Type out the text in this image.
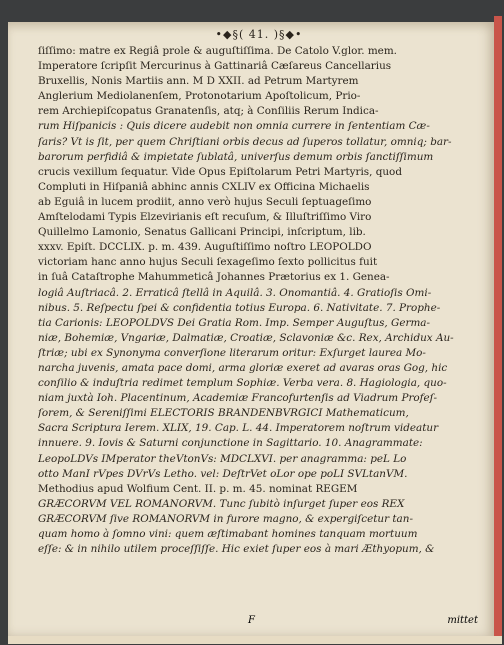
•◆§( 41. )§◆•
ſiſſimo: matre ex Regiâ prole & auguſtiſſima. De Catolo V.glor. mem.
Imperatore ſcripſit Mercurinus à Gattinariâ Cæſareus Cancellarius
Bruxellis, Nonis Martiis ann. M D XXII. ad Petrum Martyrem
Anglerium Mediolanenſem, Protonotarium Apoſtolicum, Prio-
rem Archiepiſcopatus Granatenſis, atq; à Conſiliis Rerum Indica-
rum Hiſpanicis : Quis dicere audebit non omnia currere in ſententiam Cæ-
ſaris? Vt is ſit, per quem Chriſtiani orbis decus ad ſuperos tollatur, omniq; bar-
barorum perfidiâ & impietate ſublatâ, univerſus demum orbis ſanctiſſimum
crucis vexillum ſequatur. Vide Opus Epiſtolarum Petri Martyris, quod
Compluti in Hiſpaniâ abhinc annis CXLIV ex Officina Michaelis
ab Eguiâ in lucem prodiit, anno verò hujus Seculi ſeptuageſimo
Amſtelodami Typis Elzevirianis eſt recuſum, & Illuſtriſſimo Viro
Quillelmo Lamonio, Senatus Gallicani Principi, inſcriptum, lib.
xxxv. Epiſt. DCCLIX. p. m. 439. Auguſtiſſimo noſtro LEOPOLDO
victoriam hanc anno hujus Seculi ſexageſimo ſexto pollicitus fuit
in ſuâ Cataſtrophe Mahummeticâ Johannes Prætorius ex 1. Genea-
logiâ Auſtriacâ. 2. Erraticâ ſtellâ in Aquilâ. 3. Onomantiâ. 4. Gratioſis Omi-
nibus. 5. Reſpectu ſpei & confidentia totius Europa. 6. Nativitate. 7. Prophe-
tia Carionis: LEOPOLDVS Dei Gratia Rom. Imp. Semper Auguſtus, Germa-
niæ, Bohemiæ, Vngariæ, Dalmatiæ, Croatiæ, Sclavoniæ &c. Rex, Archidux Au-
ſtriæ; ubi ex Synonyma converſione literarum oritur: Exſurget laurea Mo-
narcha juvenis, amata pace domi, arma gloriæ exeret ad avaras oras Gog, hic
conſilio & induſtria redimet templum Sophiæ. Verba vera. 8. Hagiologia, quo-
niam juxtà Ioh. Placentinum, Academiæ Francofurtenſis ad Viadrum Profeſ-
ſorem, & Sereniſſimi ELECTORIS BRANDENBVRGICI Mathematicum,
Sacra Scriptura Ierem. XLIX, 19. Cap. L. 44. Imperatorem noſtrum videatur
innuere. 9. Iovis & Saturni conjunctione in Sagittario. 10. Anagrammate:
LeopoLDVs IMperator theVtonVs: MDCLXVI. per anagramma: peL Lo
otto ManI rVpes DVrVs Letho. vel: DeſtrVet oLor ope poLI SVLtanVM.
Methodius apud Wolfium Cent. II. p. m. 45. nominat REGEM
GRÆCORVM VEL ROMANORVM. Tunc ſubitò inſurget ſuper eos REX
GRÆCORVM ſive ROMANORVM in furore magno, & expergiſcetur tan-
quam homo à ſomno vini: quem æſtimabant homines tanquam mortuum
eſſe: & in nihilo utilem proceſſiſſe. Hic exiet ſuper eos à mari Æthyopum, &
F	mittet
